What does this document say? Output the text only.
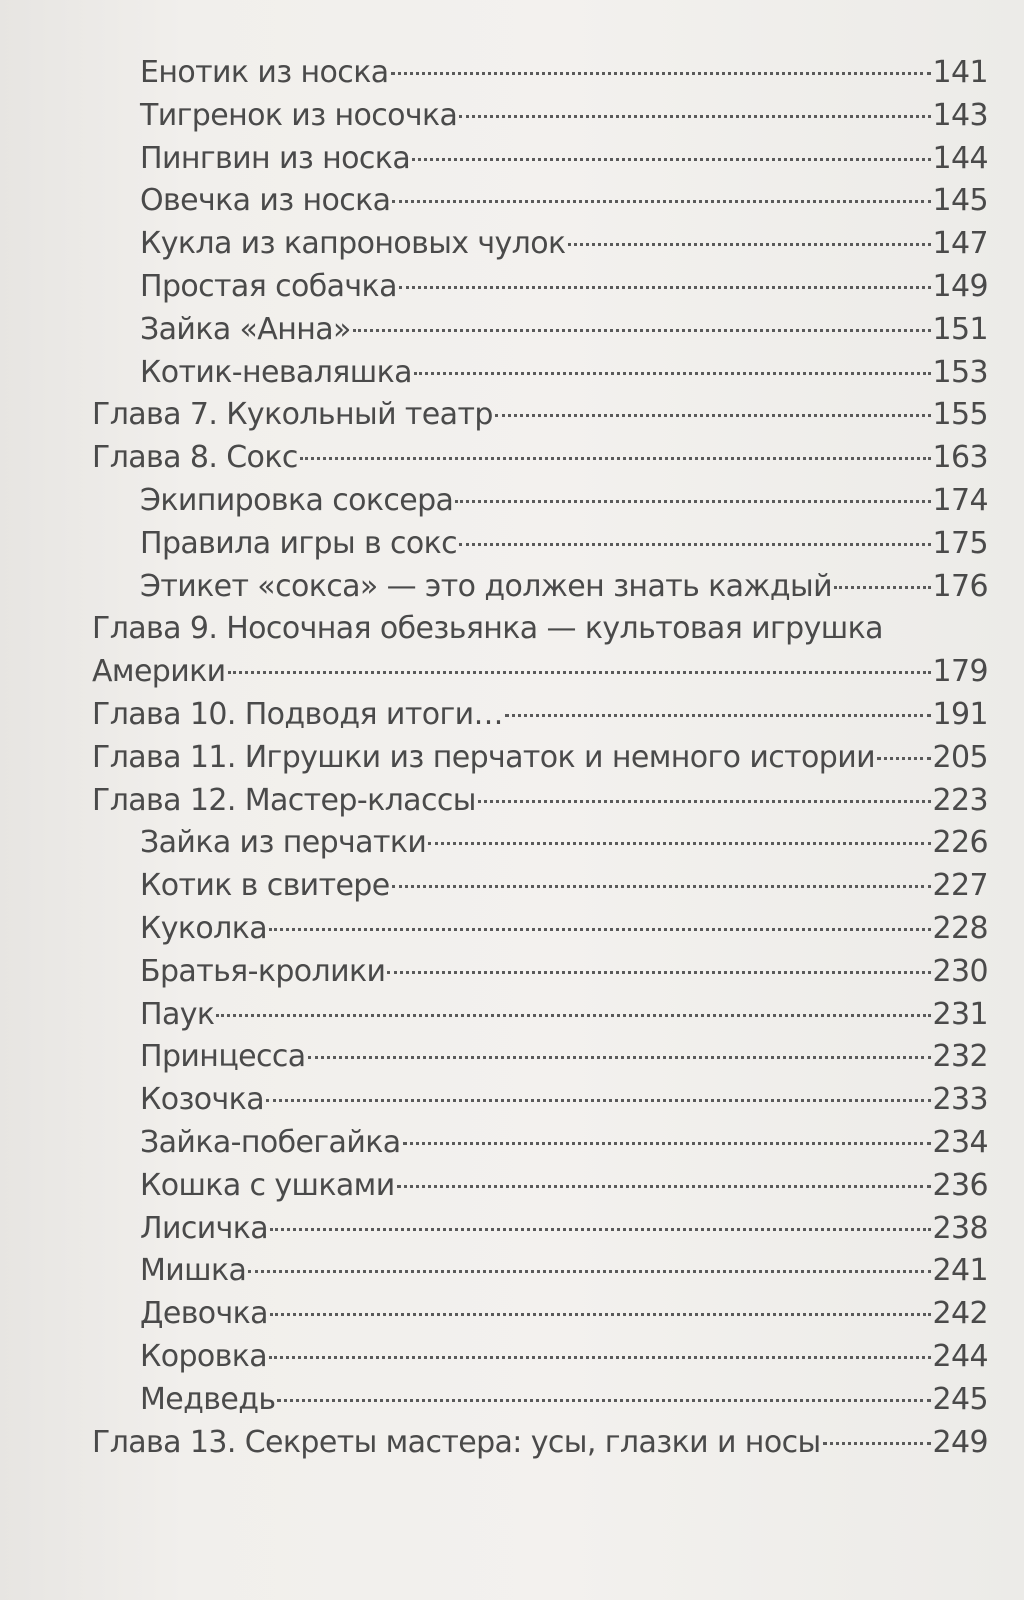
Енотик из носка	141
Тигренок из носочка	143
Пингвин из носка	144
Овечка из носка	145
Кукла из капроновых чулок	147
Простая собачка	149
Зайка «Анна»	151
Котик-неваляшка	153
Глава 7. Кукольный театр	155
Глава 8. Сокс	163
Экипировка соксера	174
Правила игры в сокс	175
Этикет «сокса» — это должен знать каждый	176
Глава 9. Носочная обезьянка — культовая игрушка
Америки	179
Глава 10. Подводя итоги…	191
Глава 11. Игрушки из перчаток и немного истории 205
Глава 12. Мастер-классы	223
Зайка из перчатки	226
Котик в свитере	227
Куколка	228
Братья-кролики	230
Паук	231
Принцесса	232
Козочка	233
Зайка-побегайка	234
Кошка с ушками	236
Лисичка	238
Мишка	241
Девочка	242
Коровка	244
Медведь	245
Глава 13. Секреты мастера: усы, глазки и носы	249
